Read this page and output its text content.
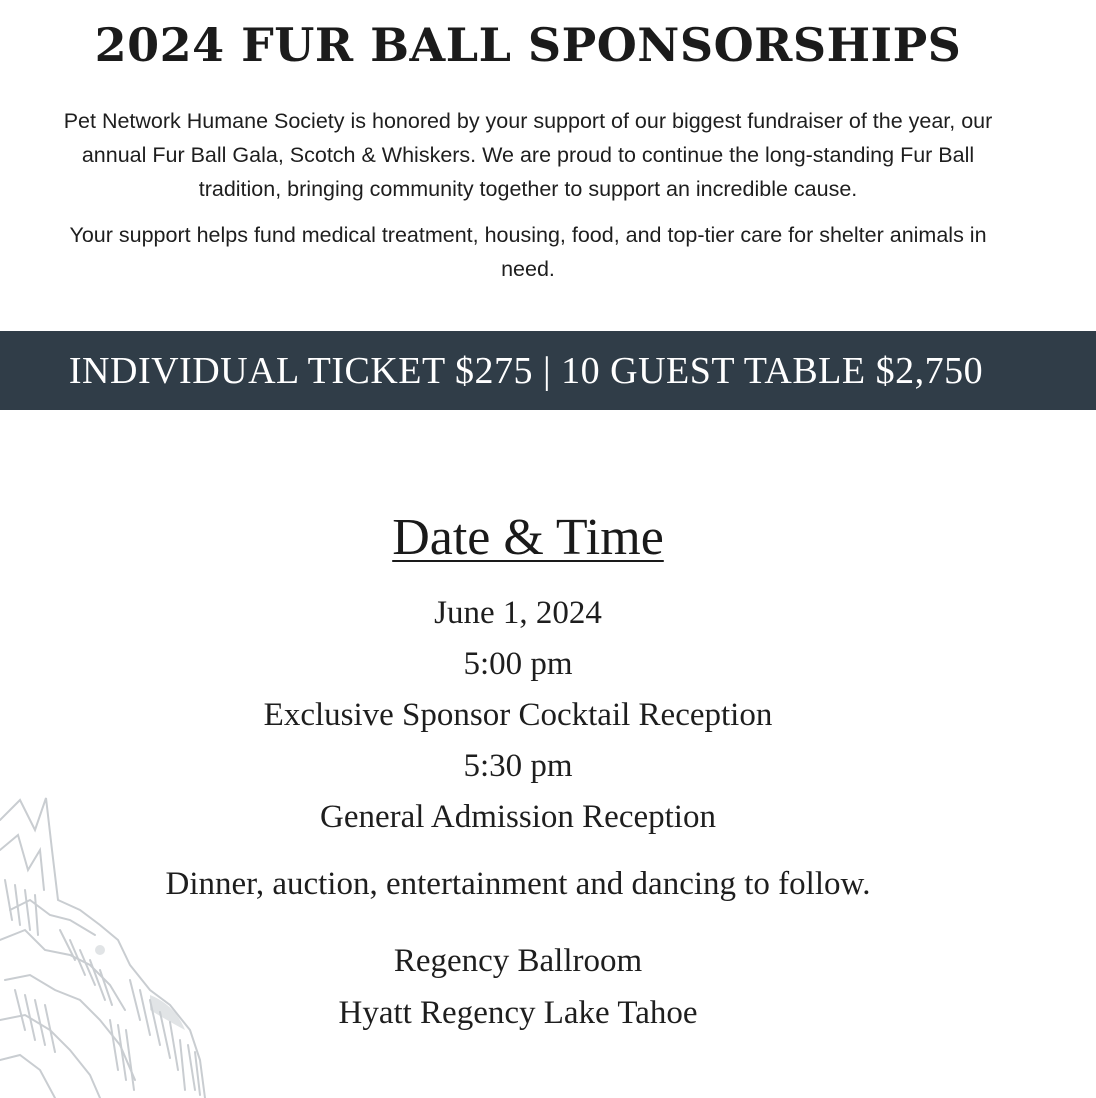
2024 FUR BALL SPONSORSHIPS

Pet Network Humane Society is honored by your support of our biggest fundraiser of the year, our annual Fur Ball Gala, Scotch & Whiskers. We are proud to continue the long-standing Fur Ball tradition, bringing community together to support an incredible cause.

Your support helps fund medical treatment, housing, food, and top-tier care for shelter animals in need.

INDIVIDUAL TICKET $275 | 10 GUEST TABLE $2,750
Date & Time
June 1, 2024
5:00 pm
Exclusive Sponsor Cocktail Reception
5:30 pm
General Admission Reception
Dinner, auction, entertainment and dancing to follow.
Regency Ballroom
Hyatt Regency Lake Tahoe
